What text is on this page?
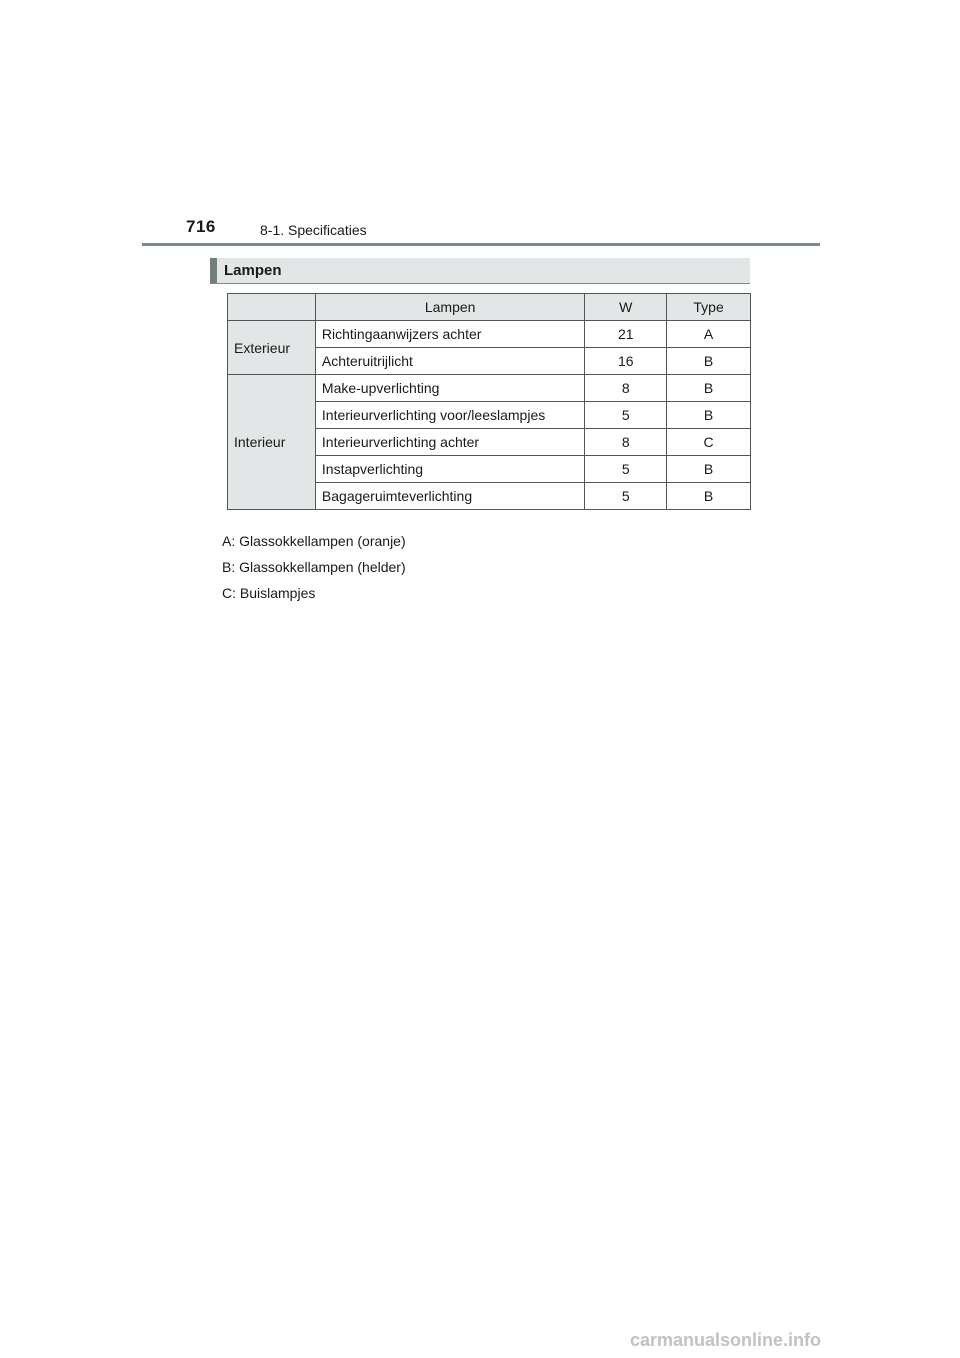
716	8-1. Specificaties
Lampen
	Lampen	W	Type
Exterieur	Richtingaanwijzers achter	21	A
	Achteruitrijlicht	16	B
Interieur	Make-upverlichting	8	B
	Interieurverlichting voor/leeslampjes	5	B
	Interieurverlichting achter	8	C
	Instapverlichting	5	B
	Bagageruimteverlichting	5	B
A: Glassokkellampen (oranje)
B: Glassokkellampen (helder)
C: Buislampjes
carmanualsonline.info
